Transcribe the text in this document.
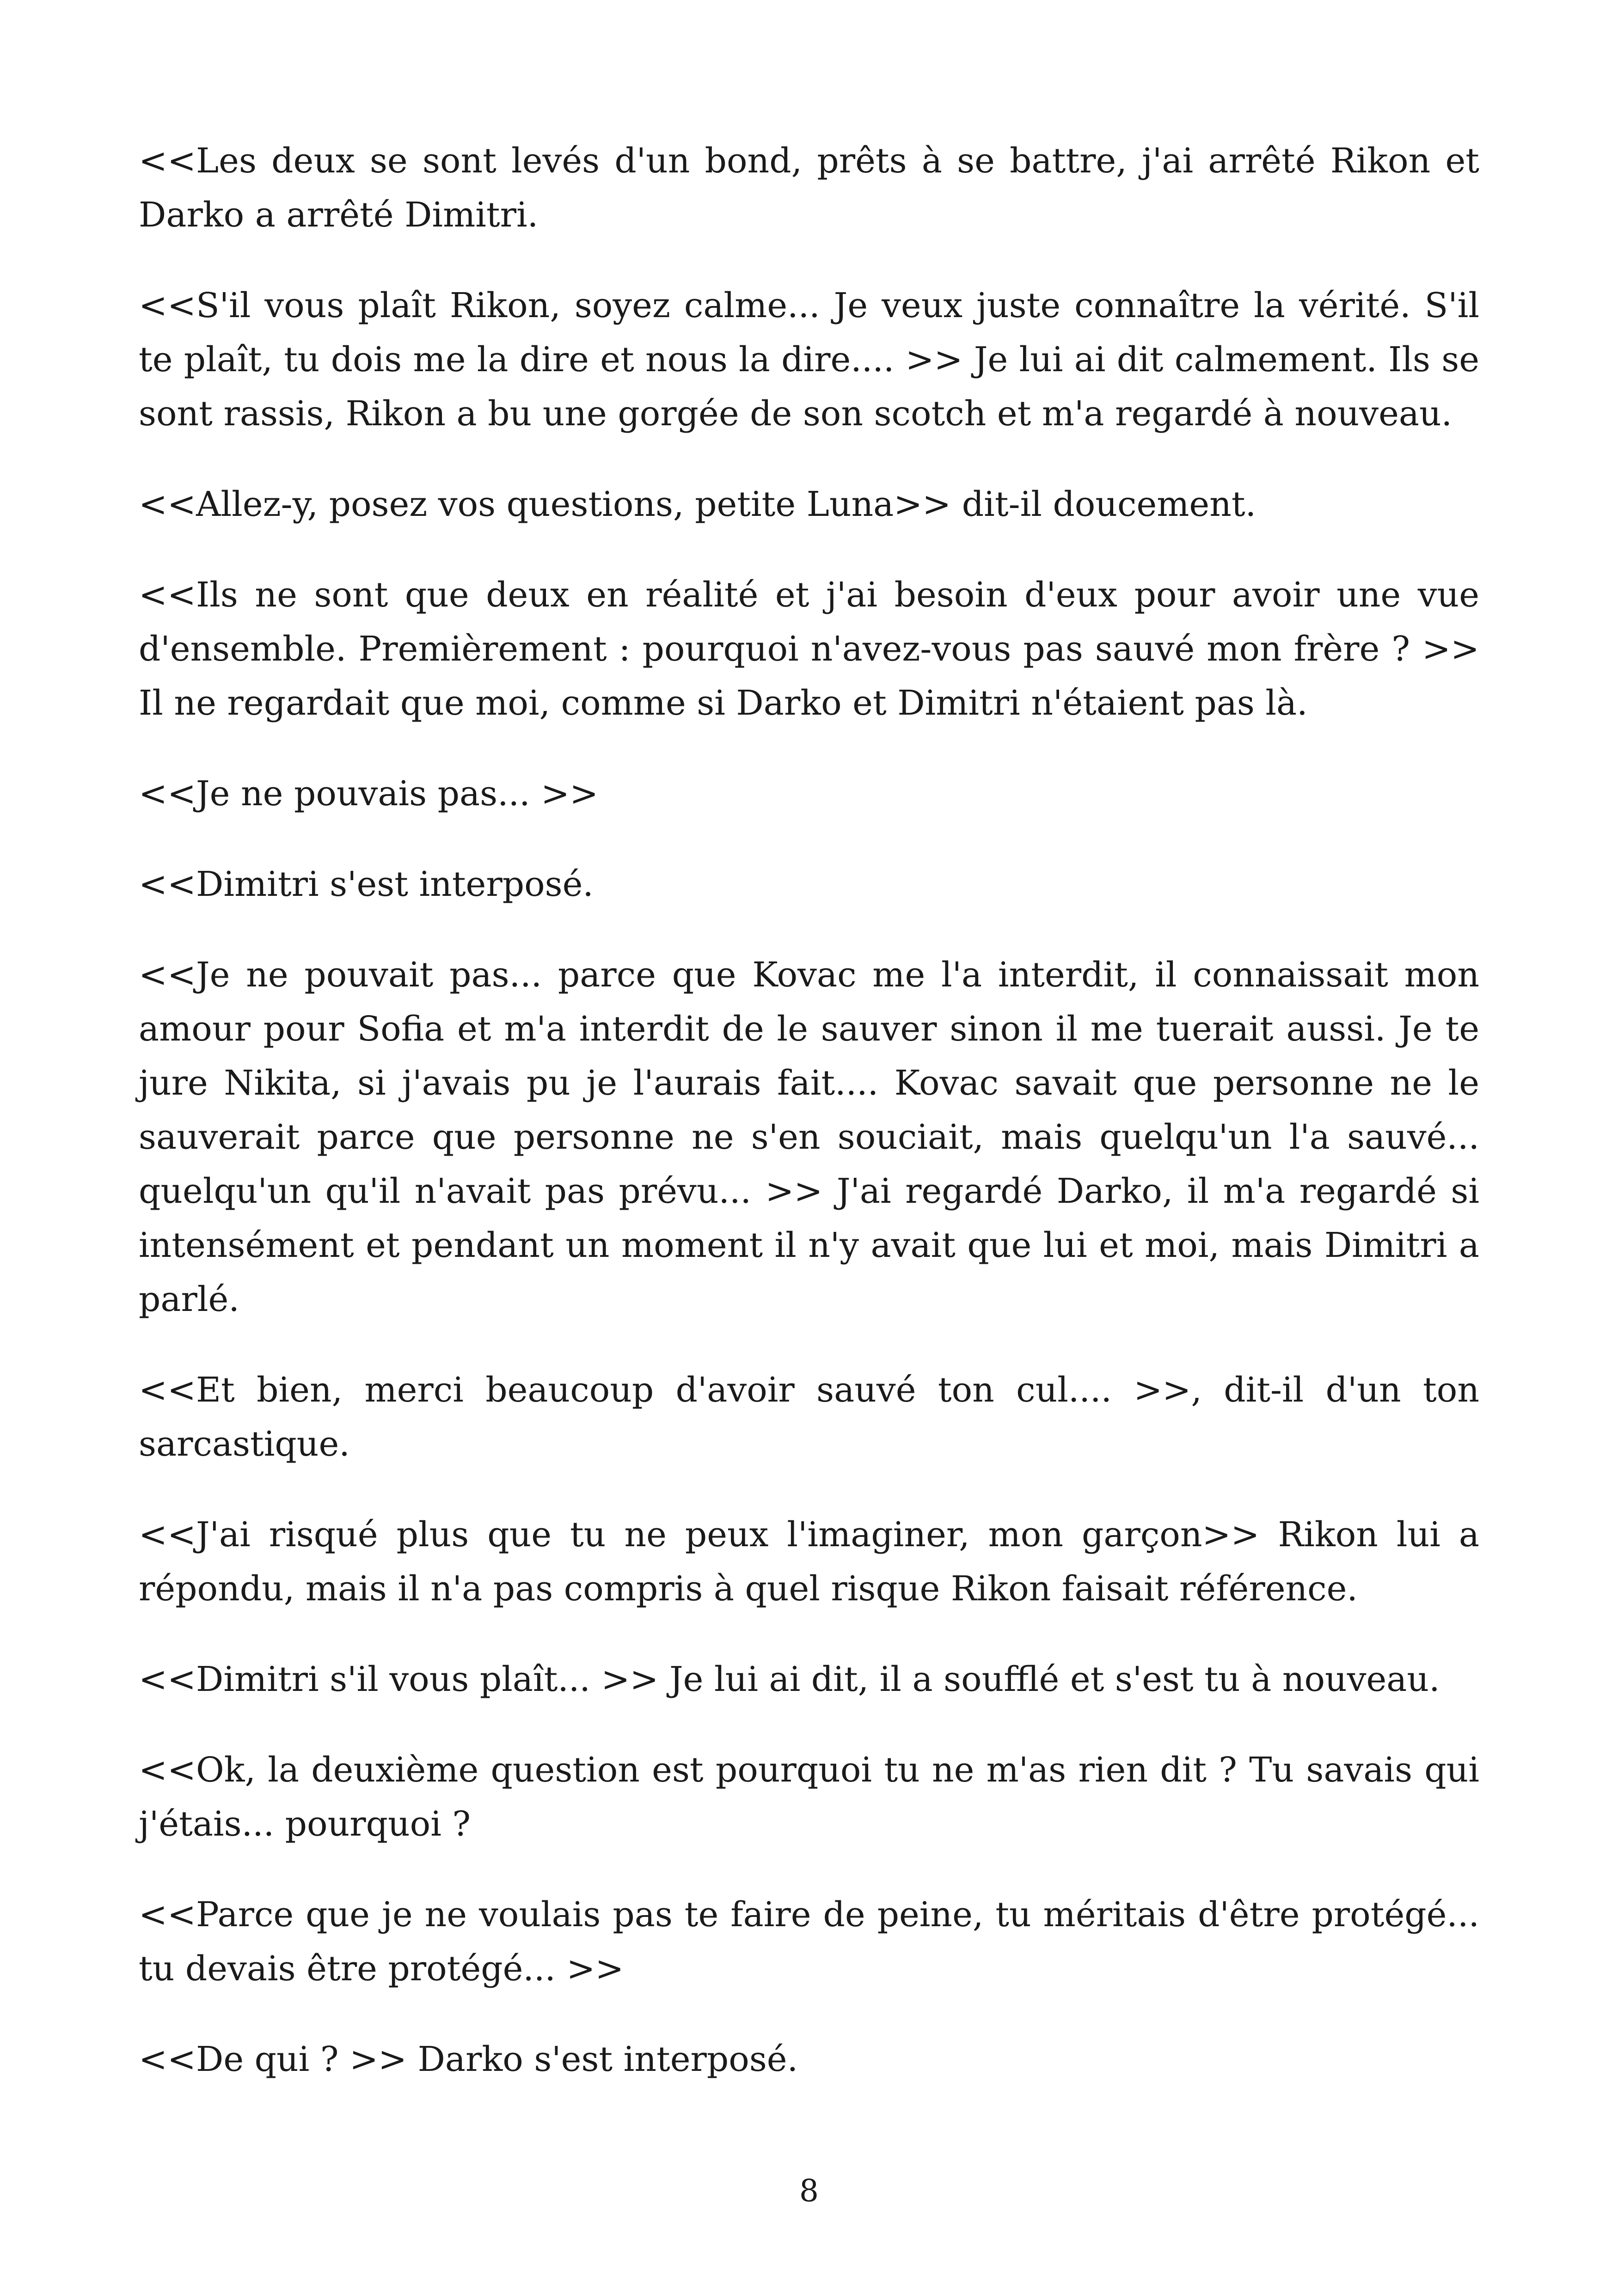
<<Les deux se sont levés d'un bond, prêts à se battre, j'ai arrêté Rikon et Darko a arrêté Dimitri.

<<S'il vous plaît Rikon, soyez calme... Je veux juste connaître la vérité. S'il te plaît, tu dois me la dire et nous la dire.... >> Je lui ai dit calmement. Ils se sont rassis, Rikon a bu une gorgée de son scotch et m'a regardé à nouveau.

<<Allez-y, posez vos questions, petite Luna>> dit-il doucement.

<<Ils ne sont que deux en réalité et j'ai besoin d'eux pour avoir une vue d'ensemble. Premièrement : pourquoi n'avez-vous pas sauvé mon frère ? >> Il ne regardait que moi, comme si Darko et Dimitri n'étaient pas là.

<<Je ne pouvais pas... >>

<<Dimitri s'est interposé.

<<Je ne pouvait pas... parce que Kovac me l'a interdit, il connaissait mon amour pour Sofia et m'a interdit de le sauver sinon il me tuerait aussi. Je te jure Nikita, si j'avais pu je l'aurais fait.... Kovac savait que personne ne le sauverait parce que personne ne s'en souciait, mais quelqu'un l'a sauvé... quelqu'un qu'il n'avait pas prévu... >> J'ai regardé Darko, il m'a regardé si intensément et pendant un moment il n'y avait que lui et moi, mais Dimitri a parlé.

<<Et bien, merci beaucoup d'avoir sauvé ton cul.... >>, dit-il d'un ton sarcastique.

<<J'ai risqué plus que tu ne peux l'imaginer, mon garçon>> Rikon lui a répondu, mais il n'a pas compris à quel risque Rikon faisait référence.

<<Dimitri s'il vous plaît... >> Je lui ai dit, il a soufflé et s'est tu à nouveau.

<<Ok, la deuxième question est pourquoi tu ne m'as rien dit ? Tu savais qui j'étais... pourquoi ?

<<Parce que je ne voulais pas te faire de peine, tu méritais d'être protégé... tu devais être protégé... >>

<<De qui ? >> Darko s'est interposé.

8
